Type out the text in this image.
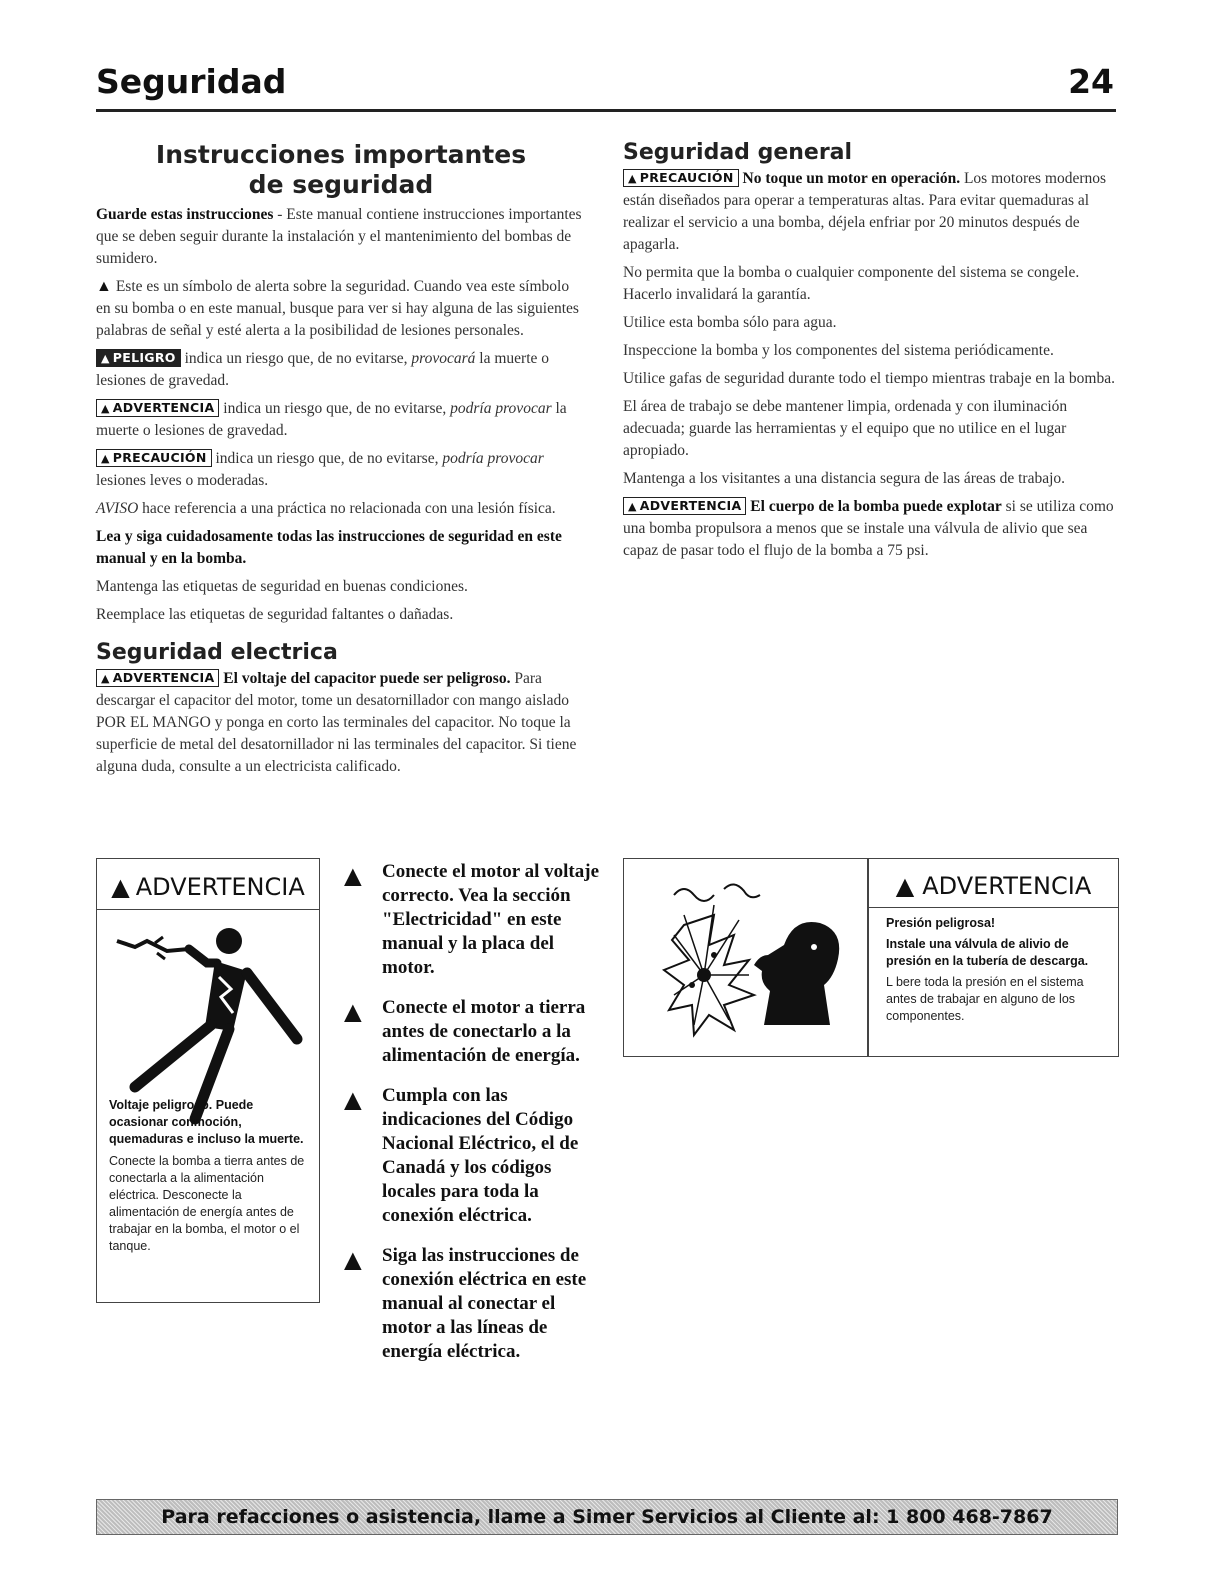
Seguridad	24
Instrucciones importantes
de seguridad

Guarde estas instrucciones - Este manual contiene instrucciones importantes que se deben seguir durante la instalación y el mantenimiento del bombas de sumidero.

▲ Este es un símbolo de alerta sobre la seguridad. Cuando vea este símbolo en su bomba o en este manual, busque para ver si hay alguna de las siguientes palabras de señal y esté alerta a la posibilidad de lesiones personales.

▲ PELIGRO indica un riesgo que, de no evitarse, provocará la muerte o lesiones de gravedad.

▲ ADVERTENCIA indica un riesgo que, de no evitarse, podría provocar la muerte o lesiones de gravedad.

▲ PRECAUCIÓN indica un riesgo que, de no evitarse, podría provocar lesiones leves o moderadas.

AVISO hace referencia a una práctica no relacionada con una lesión física.

Lea y siga cuidadosamente todas las instrucciones de seguridad en este manual y en la bomba.

Mantenga las etiquetas de seguridad en buenas condiciones.

Reemplace las etiquetas de seguridad faltantes o dañadas.

Seguridad electrica

▲ ADVERTENCIA El voltaje del capacitor puede ser peligroso. Para descargar el capacitor del motor, tome un desatornillador con mango aislado POR EL MANGO y ponga en corto las terminales del capacitor. No toque la superficie de metal del desatornillador ni las terminales del capacitor. Si tiene alguna duda, consulte a un electricista calificado.

Seguridad general

▲ PRECAUCIÓN No toque un motor en operación. Los motores modernos están diseñados para operar a temperaturas altas. Para evitar quemaduras al realizar el servicio a una bomba, déjela enfriar por 20 minutos después de apagarla.

No permita que la bomba o cualquier componente del sistema se congele. Hacerlo invalidará la garantía.

Utilice esta bomba sólo para agua.

Inspeccione la bomba y los componentes del sistema periódicamente.

Utilice gafas de seguridad durante todo el tiempo mientras trabaje en la bomba.

El área de trabajo se debe mantener limpia, ordenada y con iluminación adecuada; guarde las herramientas y el equipo que no utilice en el lugar apropiado.

Mantenga a los visitantes a una distancia segura de las áreas de trabajo.

▲ ADVERTENCIA El cuerpo de la bomba puede explotar si se utiliza como una bomba propulsora a menos que se instale una válvula de alivio que sea capaz de pasar todo el flujo de la bomba a 75 psi.

▲ ADVERTENCIA
Voltaje peligroso. Puede ocasionar conmoción, quemaduras e incluso la muerte.
Conecte la bomba a tierra antes de conectarla a la alimentación eléctrica. Desconecte la alimentación de energía antes de trabajar en la bomba, el motor o el tanque.
▲ Conecte el motor al voltaje correcto. Vea la sección "Electricidad" en este manual y la placa del motor.
▲ Conecte el motor a tierra antes de conectarlo a la alimentación de energía.
▲ Cumpla con las indicaciones del Código Nacional Eléctrico, el de Canadá y los códigos locales para toda la conexión eléctrica.
▲ Siga las instrucciones de conexión eléctrica en este manual al conectar el motor a las líneas de energía eléctrica.
▲ ADVERTENCIA
Presión peligrosa!
Instale una válvula de alivio de presión en la tubería de descarga.
L bere toda la presión en el sistema antes de trabajar en alguno de los componentes.
Para refacciones o asistencia, llame a Simer Servicios al Cliente al: 1 800 468-7867
